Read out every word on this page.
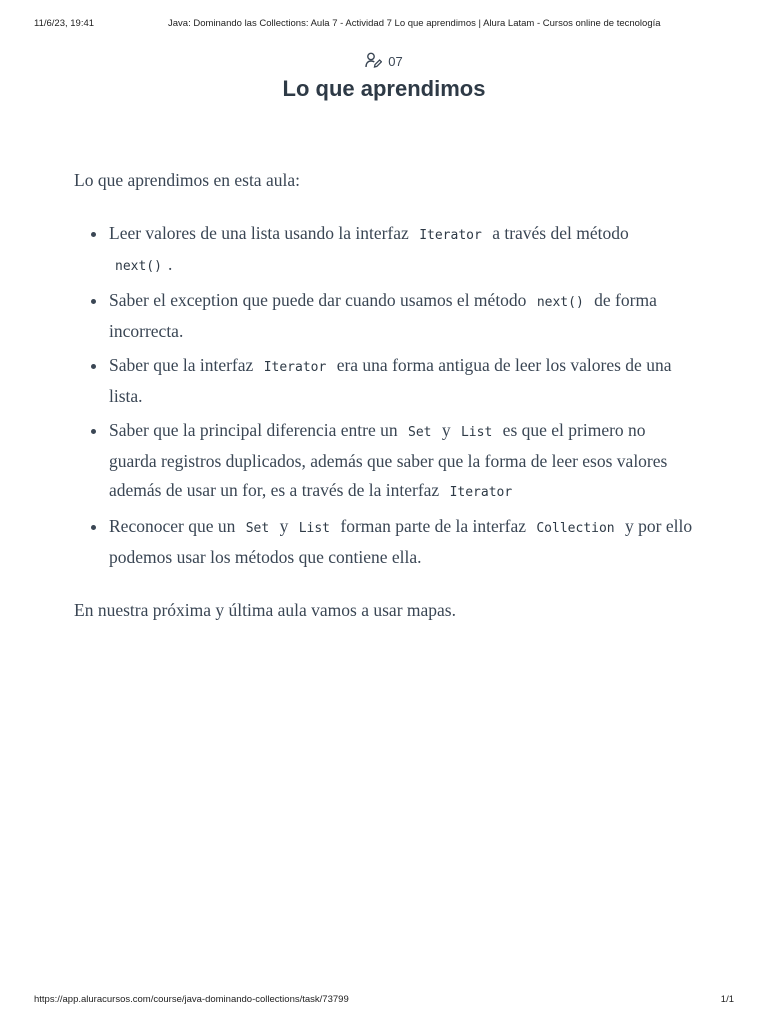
11/6/23, 19:41	Java: Dominando las Collections: Aula 7 - Actividad 7 Lo que aprendimos | Alura Latam - Cursos online de tecnología
07
Lo que aprendimos

Lo que aprendimos en esta aula:

Leer valores de una lista usando la interfaz Iterator a través del método next() .
Saber el exception que puede dar cuando usamos el método next() de forma incorrecta.
Saber que la interfaz Iterator era una forma antigua de leer los valores de una lista.
Saber que la principal diferencia entre un Set y List es que el primero no guarda registros duplicados, además que saber que la forma de leer esos valores además de usar un for, es a través de la interfaz Iterator
Reconocer que un Set y List forman parte de la interfaz Collection y por ello podemos usar los métodos que contiene ella.

En nuestra próxima y última aula vamos a usar mapas.

https://app.aluracursos.com/course/java-dominando-collections/task/73799	1/1
